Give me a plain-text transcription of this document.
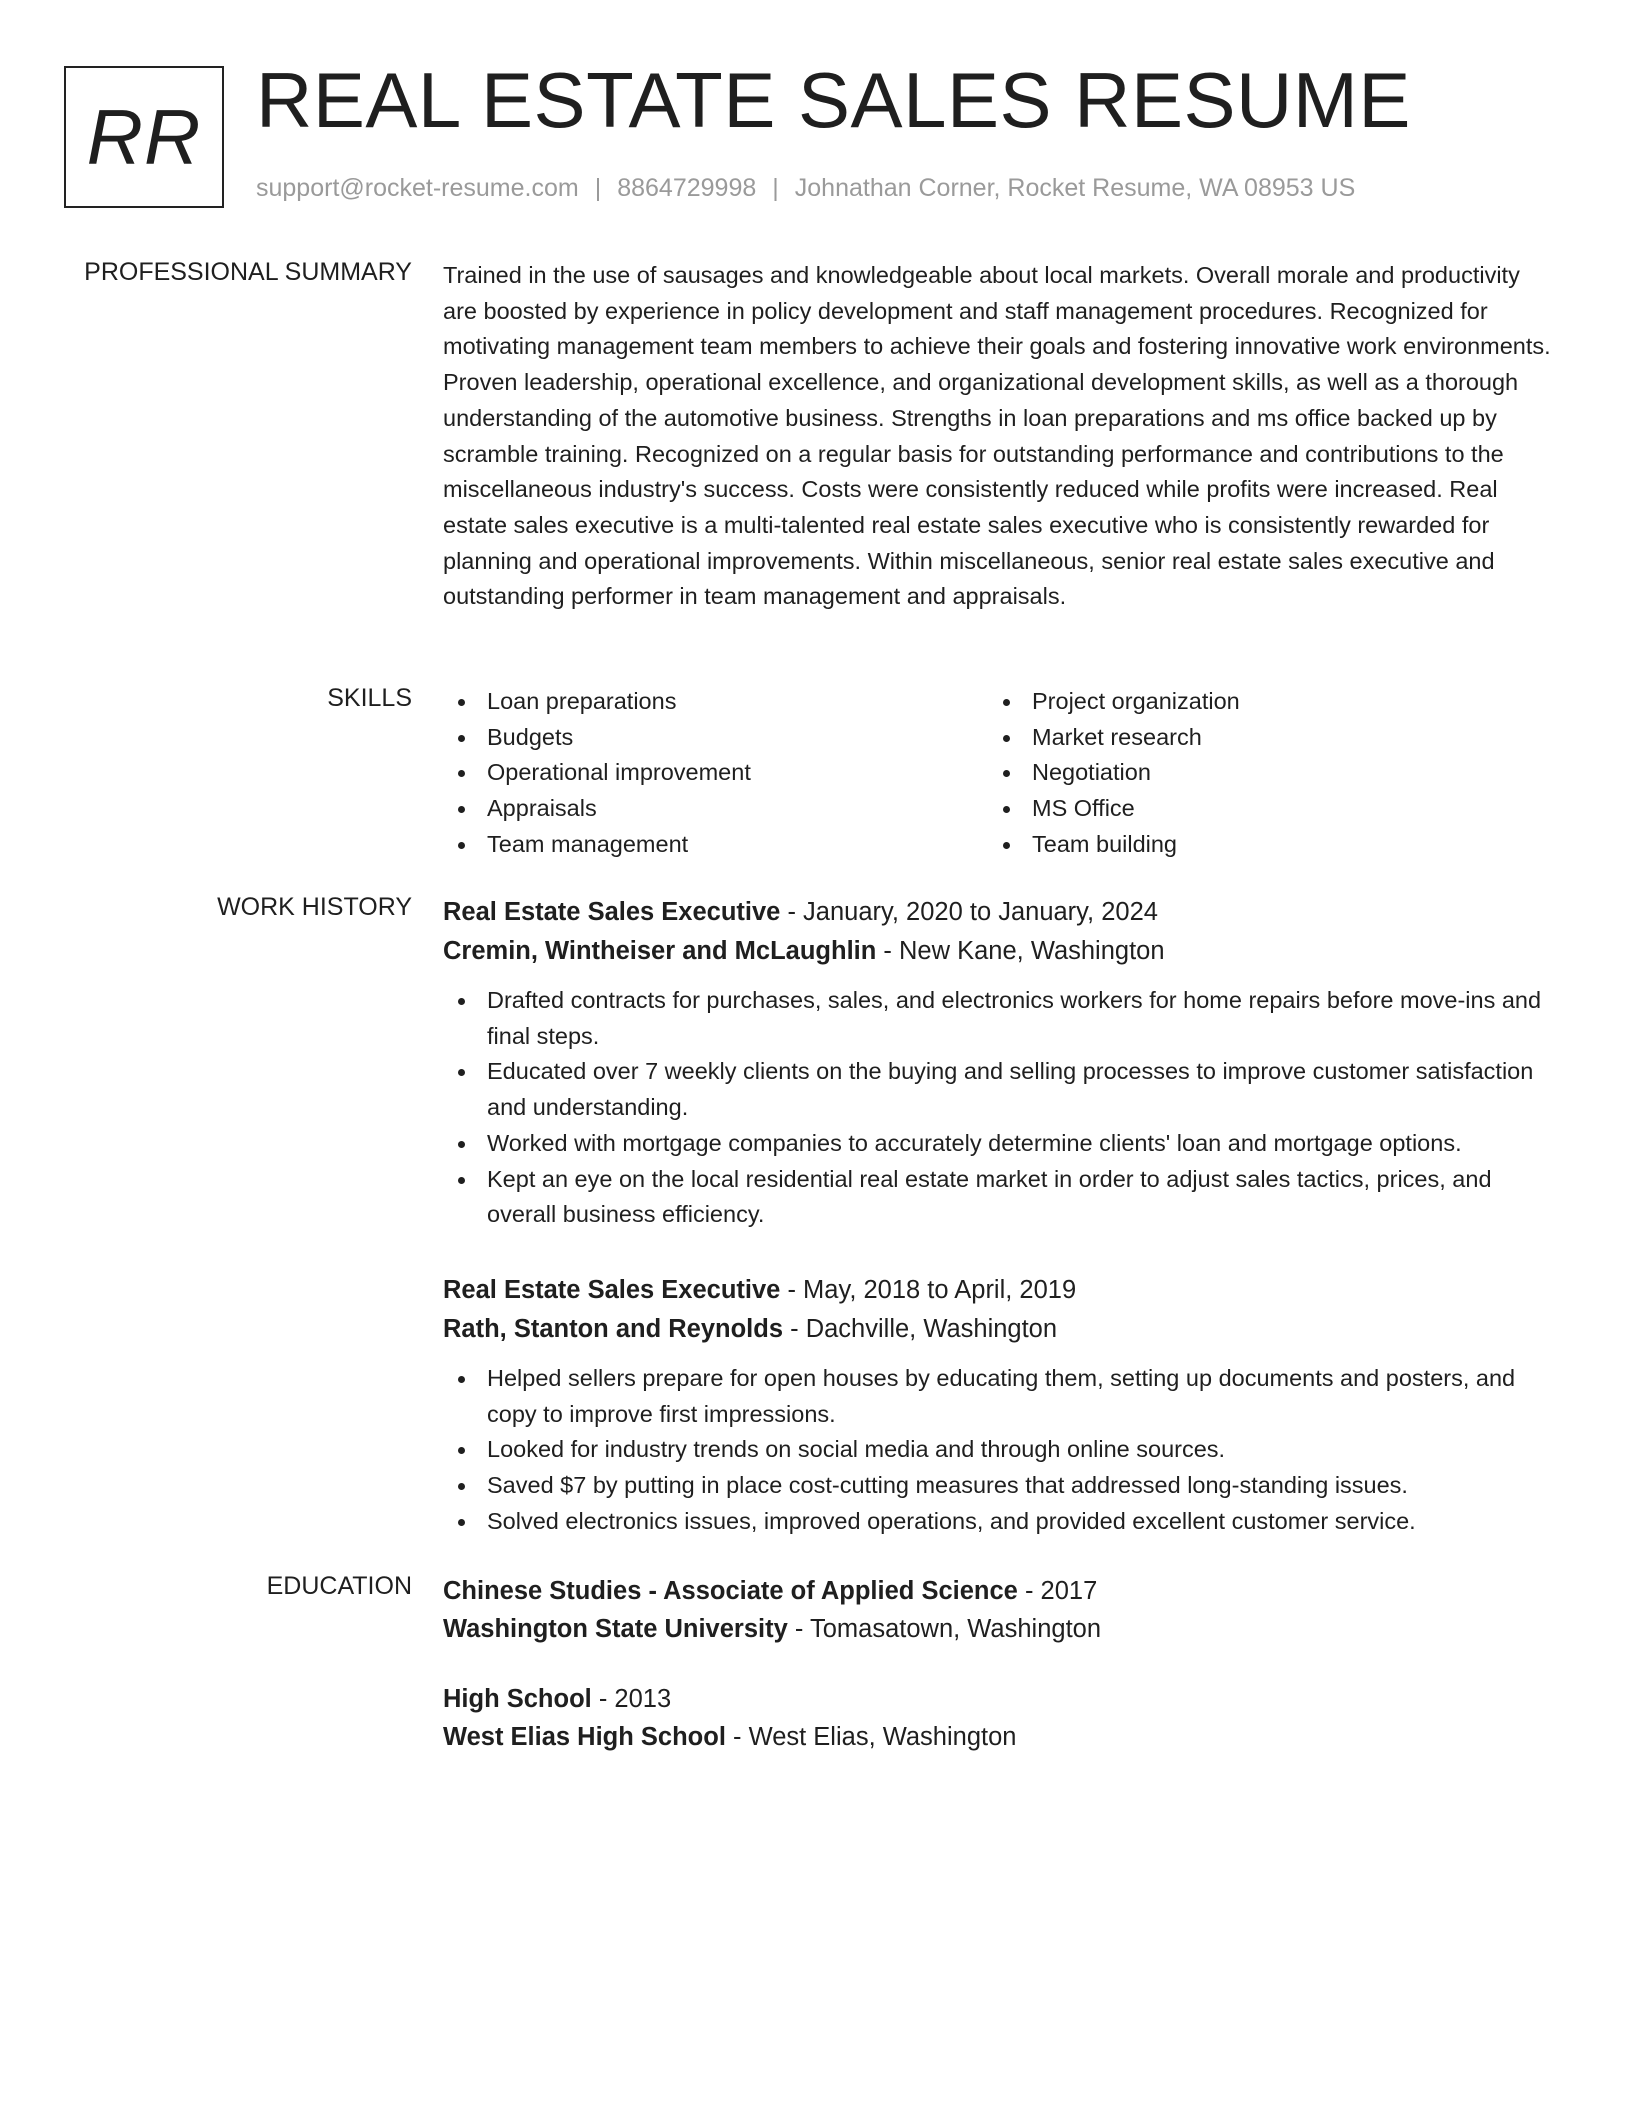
RR REAL ESTATE SALES RESUME
support@rocket-resume.com | 8864729998 | Johnathan Corner, Rocket Resume, WA 08953 US
PROFESSIONAL SUMMARY Trained in the use of sausages and knowledgeable about local markets. Overall morale and productivity are boosted by experience in policy development and staff management procedures. Recognized for motivating management team members to achieve their goals and fostering innovative work environments. Proven leadership, operational excellence, and organizational development skills, as well as a thorough understanding of the automotive business. Strengths in loan preparations and ms office backed up by scramble training. Recognized on a regular basis for outstanding performance and contributions to the miscellaneous industry's success. Costs were consistently reduced while profits were increased. Real estate sales executive is a multi-talented real estate sales executive who is consistently rewarded for planning and operational improvements. Within miscellaneous, senior real estate sales executive and outstanding performer in team management and appraisals.
SKILLS	Loan preparations
Budgets
Operational improvement
Appraisals
Team management
Project organization
Market research
Negotiation
MS Office
Team building
WORK HISTORY Real Estate Sales Executive - January, 2020 to January, 2024
Cremin, Wintheiser and McLaughlin - New Kane, Washington
Drafted contracts for purchases, sales, and electronics workers for home repairs before move-ins and final steps.
Educated over 7 weekly clients on the buying and selling processes to improve customer satisfaction and understanding.
Worked with mortgage companies to accurately determine clients' loan and mortgage options.
Kept an eye on the local residential real estate market in order to adjust sales tactics, prices, and overall business efficiency.
Real Estate Sales Executive - May, 2018 to April, 2019
Rath, Stanton and Reynolds - Dachville, Washington
Helped sellers prepare for open houses by educating them, setting up documents and posters, and copy to improve first impressions.
Looked for industry trends on social media and through online sources.
Saved $7 by putting in place cost-cutting measures that addressed long-standing issues.
Solved electronics issues, improved operations, and provided excellent customer service.
EDUCATION Chinese Studies - Associate of Applied Science - 2017
Washington State University - Tomasatown, Washington
High School - 2013
West Elias High School - West Elias, Washington
